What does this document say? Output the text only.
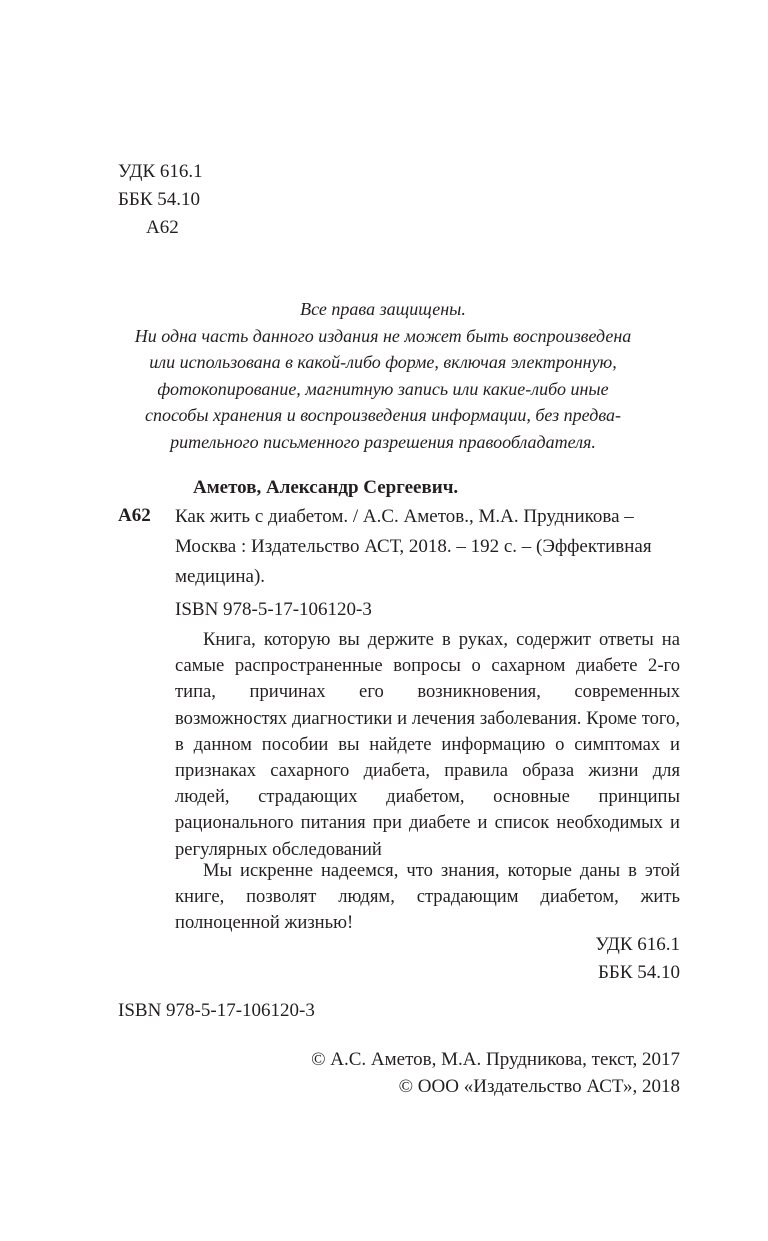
УДК 616.1
ББК 54.10
А62
Все права защищены.
Ни одна часть данного издания не может быть воспроизведена
или использована в какой-либо форме, включая электронную,
фотокопирование, магнитную запись или какие-либо иные
способы хранения и воспроизведения информации, без предва-
рительного письменного разрешения правообладателя.
Аметов, Александр Сергеевич.
А62 Как жить с диабетом. / А.С. Аметов., М.А. Прудникова – Москва : Издательство АСТ, 2018. – 192 с. – (Эффективная медицина).
ISBN 978-5-17-106120-3

Книга, которую вы держите в руках, содержит ответы на самые распространенные вопросы о сахарном диабете 2-го типа, причинах его возникновения, современных возможностях диагностики и лечения заболевания. Кроме того, в данном пособии вы найдете информацию о симптомах и признаках сахарного диабета, правила образа жизни для людей, страдающих диабетом, основные принципы рационального питания при диабете и список необходимых и регулярных обследований

Мы искренне надеемся, что знания, которые даны в этой книге, позволят людям, страдающим диабетом, жить полноценной жизнью!

УДК 616.1
ББК 54.10
ISBN 978-5-17-106120-3
© А.С. Аметов, М.А. Прудникова, текст, 2017
© ООО «Издательство АСТ», 2018
